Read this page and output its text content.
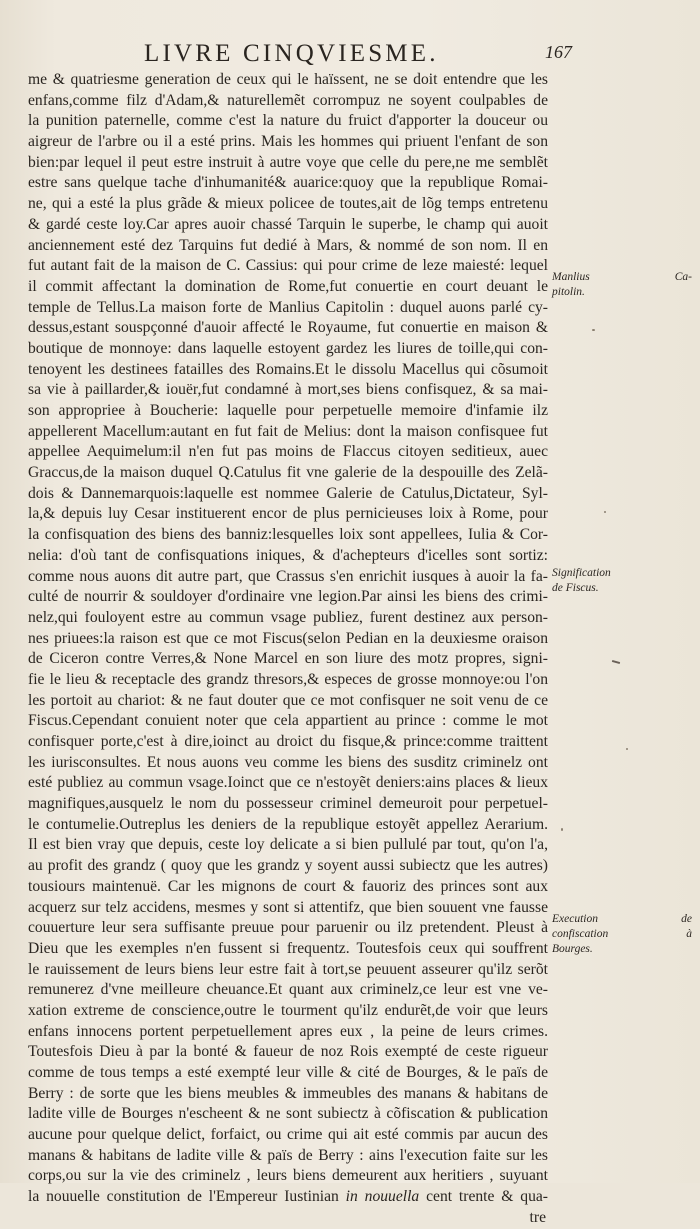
LIVRE CINQVIESME.	167
me & quatriesme generation de ceux qui le haïssent, ne se doit entendre que les
enfans,comme filz d'Adam,& naturellemẽt corrompuz ne soyent coulpables de
la punition paternelle, comme c'est la nature du fruict d'apporter la douceur ou
aigreur de l'arbre ou il a esté prins. Mais les hommes qui priuent l'enfant de son
bien:par lequel il peut estre instruit à autre voye que celle du pere,ne me semblẽt
estre sans quelque tache d'inhumanité& auarice:quoy que la republique Romai-
ne, qui a esté la plus grãde & mieux policee de toutes,ait de lõg temps entretenu
& gardé ceste loy.Car apres auoir chassé Tarquin le superbe, le champ qui auoit
anciennement esté dez Tarquins fut dedié à Mars, & nommé de son nom. Il en
fut autant fait de la maison de C. Cassius: qui pour crime de leze maiesté: lequel
il commit affectant la domination de Rome,fut conuertie en court deuant le
temple de Tellus.La maison forte de Manlius Capitolin : duquel auons parlé cy-
dessus,estant souspçonné d'auoir affecté le Royaume, fut conuertie en maison &
boutique de monnoye: dans laquelle estoyent gardez les liures de toille,qui con-
tenoyent les destinees fatailles des Romains.Et le dissolu Macellus qui cõsumoit
sa vie à paillarder,& iouër,fut condamné à mort,ses biens confisquez, & sa mai-
son appropriee à Boucherie: laquelle pour perpetuelle memoire d'infamie ilz
appellerent Macellum:autant en fut fait de Melius: dont la maison confisquee fut
appellee Aequimelum:il n'en fut pas moins de Flaccus citoyen seditieux, auec
Graccus,de la maison duquel Q.Catulus fit vne galerie de la despouille des Zelã-
dois & Dannemarquois:laquelle est nommee Galerie de Catulus,Dictateur, Syl-
la,& depuis luy Cesar instituerent encor de plus pernicieuses loix à Rome, pour
la confisquation des biens des banniz:lesquelles loix sont appellees, Iulia & Cor-
nelia: d'où tant de confisquations iniques, & d'achepteurs d'icelles sont sortiz:
comme nous auons dit autre part, que Crassus s'en enrichit iusques à auoir la fa-
culté de nourrir & souldoyer d'ordinaire vne legion.Par ainsi les biens des crimi-
nelz,qui fouloyent estre au commun vsage publiez, furent destinez aux person-
nes priuees:la raison est que ce mot Fiscus(selon Pedian en la deuxiesme oraison
de Ciceron contre Verres,& None Marcel en son liure des motz propres, signi-
fie le lieu & receptacle des grandz thresors,& especes de grosse monnoye:ou l'on
les portoit au chariot: & ne faut douter que ce mot confisquer ne soit venu de ce
Fiscus.Cependant conuient noter que cela appartient au prince : comme le mot
confisquer porte,c'est à dire,ioinct au droict du fisque,& prince:comme traittent
les iurisconsultes. Et nous auons veu comme les biens des susditz criminelz ont
esté publiez au commun vsage.Ioinct que ce n'estoyẽt deniers:ains places & lieux
magnifiques,ausquelz le nom du possesseur criminel demeuroit pour perpetuel-
le contumelie.Outreplus les deniers de la republique estoyẽt appellez Aerarium.
Il est bien vray que depuis, ceste loy delicate a si bien pullulé par tout, qu'on l'a,
au profit des grandz ( quoy que les grandz y soyent aussi subiectz que les autres)
tousiours maintenuë. Car les mignons de court & fauoriz des princes sont aux
acquerz sur telz accidens, mesmes y sont si attentifz, que bien souuent vne fausse
couuerture leur sera suffisante preuue pour paruenir ou ilz pretendent. Pleust à
Dieu que les exemples n'en fussent si frequentz. Toutesfois ceux qui souffrent
le rauissement de leurs biens leur estre fait à tort,se peuuent asseurer qu'ilz serõt
remunerez d'vne meilleure cheuance.Et quant aux criminelz,ce leur est vne ve-
xation extreme de conscience,outre le tourment qu'ilz endurẽt,de voir que leurs
enfans innocens portent perpetuellement apres eux , la peine de leurs crimes.
Toutesfois Dieu à par la bonté & faueur de noz Rois exempté de ceste rigueur
comme de tous temps a esté exempté leur ville & cité de Bourges, & le païs de
Berry : de sorte que les biens meubles & immeubles des manans & habitans de
ladite ville de Bourges n'escheent & ne sont subiectz à cõfiscation & publication
aucune pour quelque delict, forfaict, ou crime qui ait esté commis par aucun des
manans & habitans de ladite ville & païs de Berry : ains l'execution faite sur les
corps,ou sur la vie des criminelz , leurs biens demeurent aux heritiers , suyuant
la nouuelle constitution de l'Empereur Iustinian in nouuella cent trente & qua-
tre
Manlius Ca-
pitolin.
Signification
de Fiscus.
Execution de
confiscation à
Bourges.
